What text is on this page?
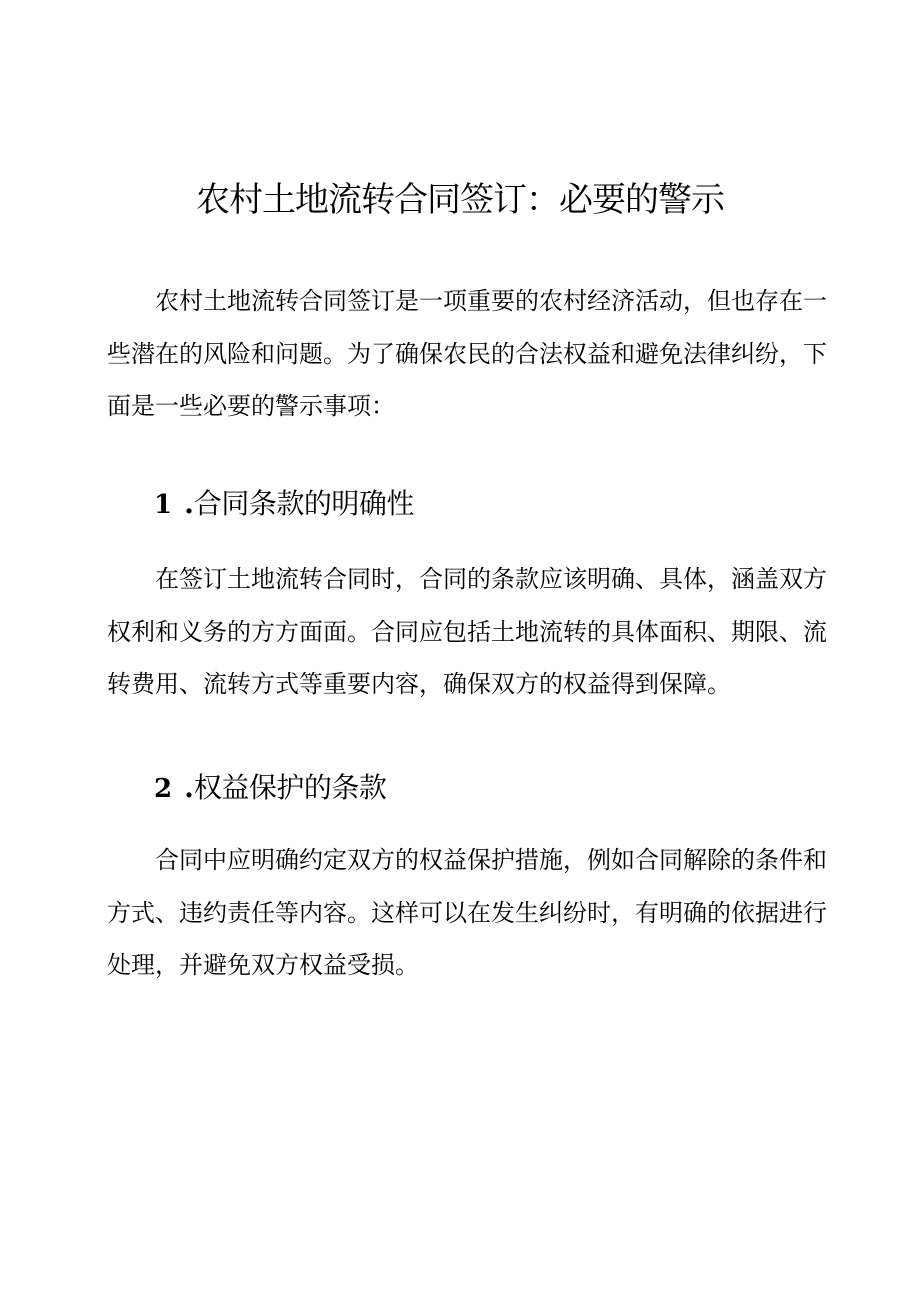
农村土地流转合同签订：必要的警示

农村土地流转合同签订是一项重要的农村经济活动，但也存在一些潜在的风险和问题。为了确保农民的合法权益和避免法律纠纷，下面是一些必要的警示事项：

1 . 合同条款的明确性

在签订土地流转合同时，合同的条款应该明确、具体，涵盖双方权利和义务的方方面面。合同应包括土地流转的具体面积、期限、流转费用、流转方式等重要内容，确保双方的权益得到保障。

2 . 权益保护的条款

合同中应明确约定双方的权益保护措施，例如合同解除的条件和方式、违约责任等内容。这样可以在发生纠纷时，有明确的依据进行处理，并避免双方权益受损。
